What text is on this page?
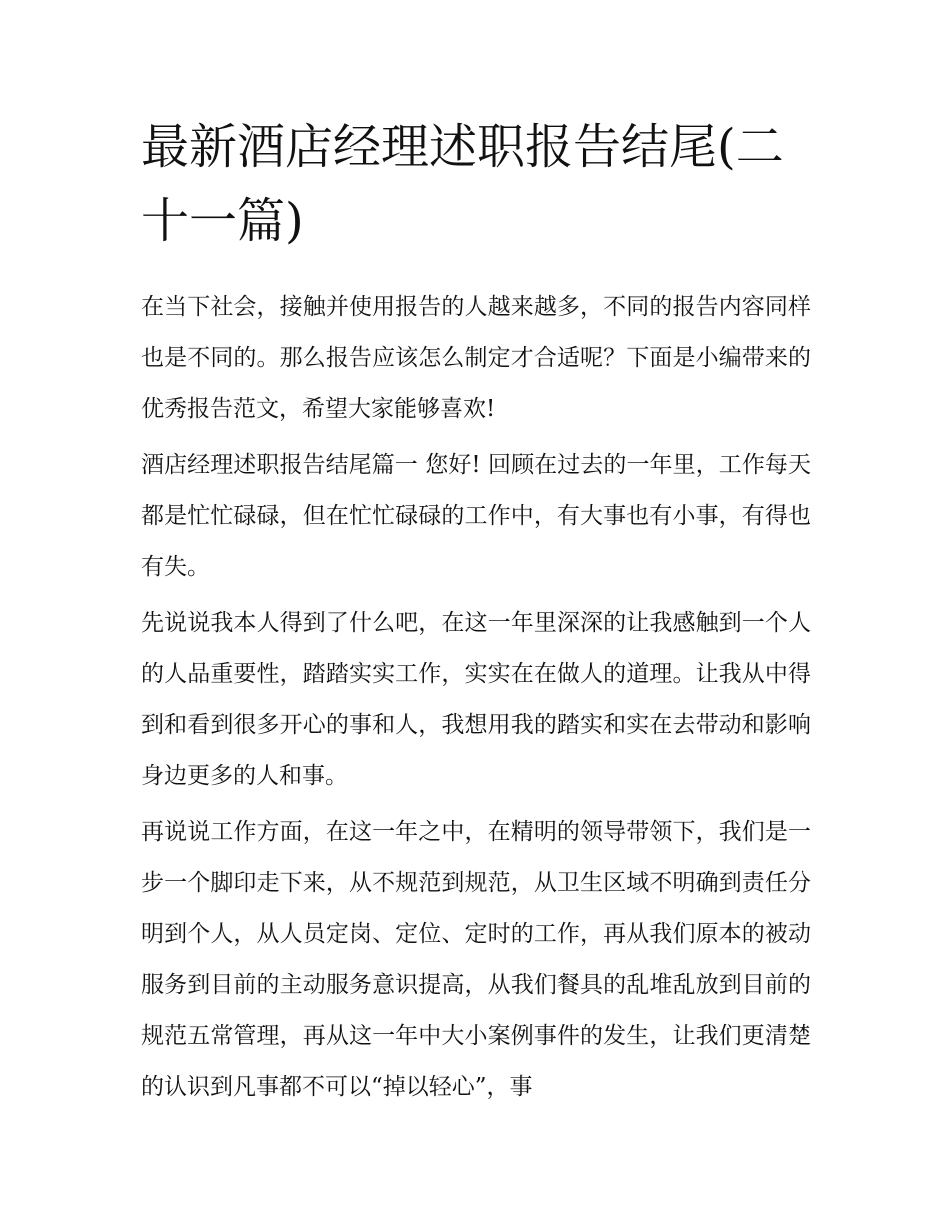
最新酒店经理述职报告结尾(二十一篇)

在当下社会，接触并使用报告的人越来越多，不同的报告内容同样也是不同的。那么报告应该怎么制定才合适呢？下面是小编带来的优秀报告范文，希望大家能够喜欢!

酒店经理述职报告结尾篇一 您好! 回顾在过去的一年里，工作每天都是忙忙碌碌，但在忙忙碌碌的工作中，有大事也有小事，有得也有失。

先说说我本人得到了什么吧，在这一年里深深的让我感触到一个人的人品重要性，踏踏实实工作，实实在在做人的道理。让我从中得到和看到很多开心的事和人，我想用我的踏实和实在去带动和影响身边更多的人和事。

再说说工作方面，在这一年之中，在精明的领导带领下，我们是一步一个脚印走下来，从不规范到规范，从卫生区域不明确到责任分明到个人，从人员定岗、定位、定时的工作，再从我们原本的被动服务到目前的主动服务意识提高，从我们餐具的乱堆乱放到目前的规范五常管理，再从这一年中大小案例事件的发生，让我们更清楚的认识到凡事都不可以“掉以轻心”，事
